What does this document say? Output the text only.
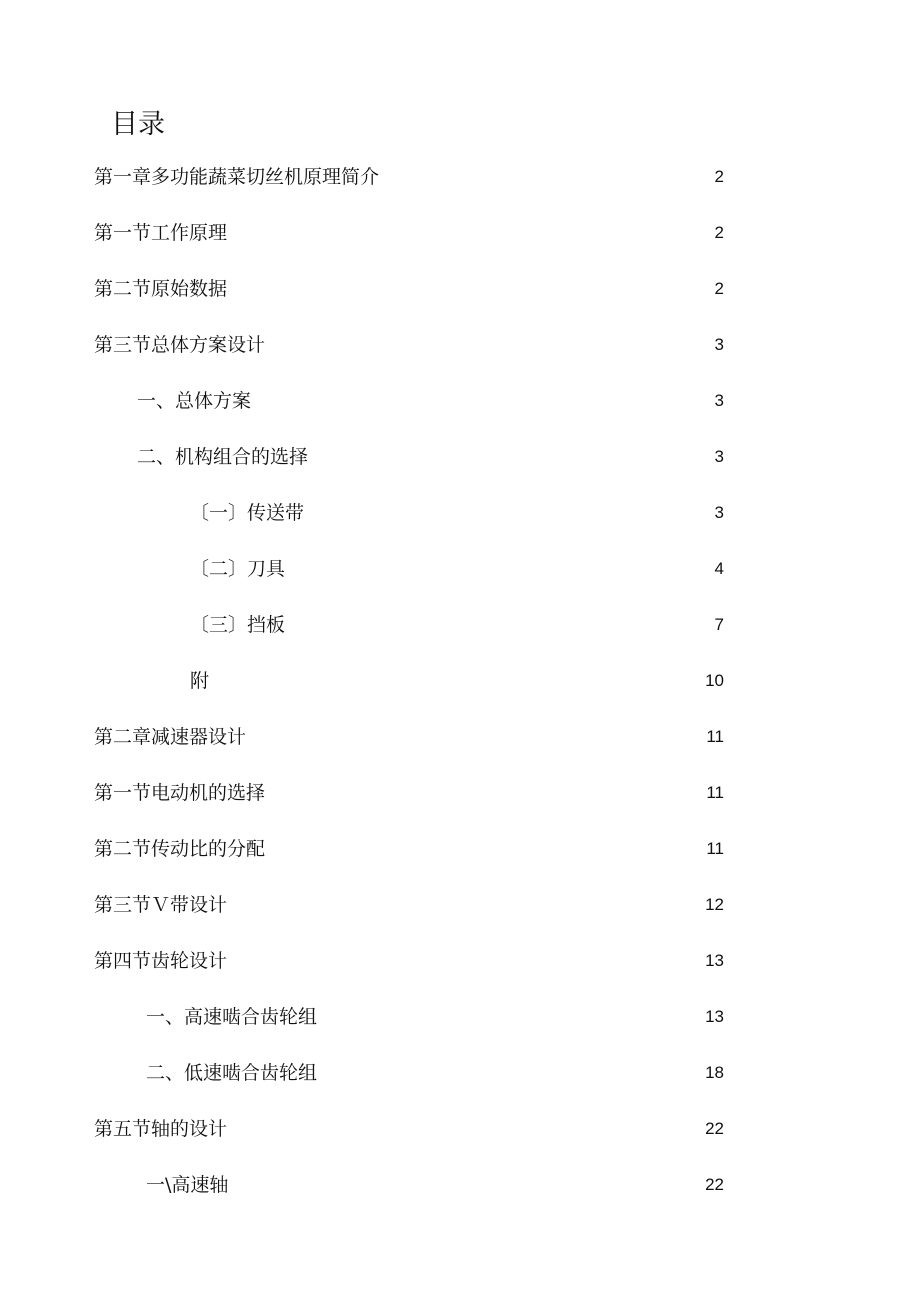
目录
第一章多功能蔬菜切丝机原理简介	2
第一节工作原理	2
第二节原始数据	2
第三节总体方案设计	3
一、总体方案	3
二、机构组合的选择	3
〔一〕传送带	3
〔二〕刀具	4
〔三〕挡板	7
附	10
第二章减速器设计	11
第一节电动机的选择	11
第二节传动比的分配	11
第三节Ｖ带设计	12
第四节齿轮设计	13
一、高速啮合齿轮组	13
二、低速啮合齿轮组	18
第五节轴的设计	22
一\高速轴	22
